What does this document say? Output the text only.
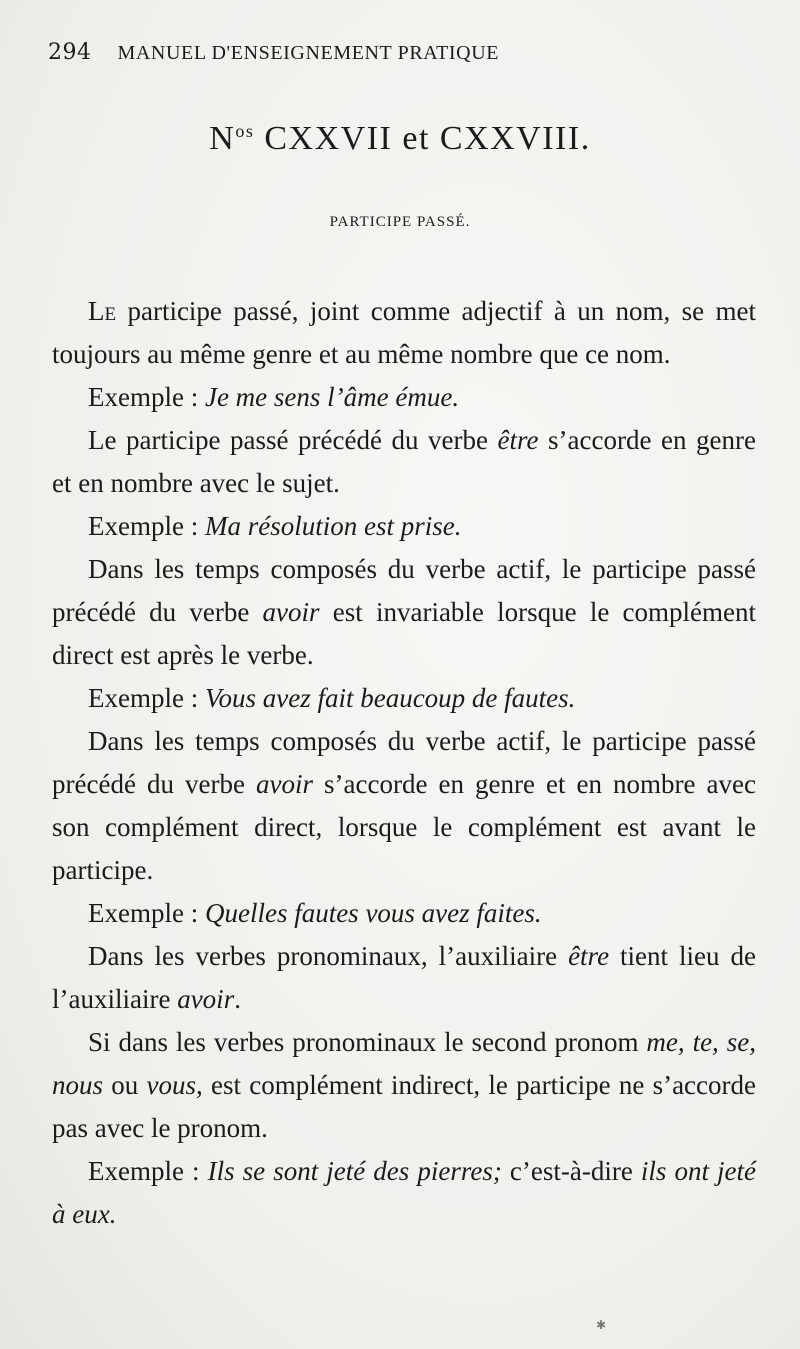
294 MANUEL D'ENSEIGNEMENT PRATIQUE
$N^{os}$ CXXVII et CXXVIII.
PARTICIPE PASSÉ.

Le participe passé, joint comme adjectif à un nom, se met toujours au même genre et au même nombre que ce nom.

Exemple : Je me sens l’âme émue.

Le participe passé précédé du verbe être s’accorde en genre et en nombre avec le sujet.

Exemple : Ma résolution est prise.

Dans les temps composés du verbe actif, le participe passé précédé du verbe avoir est invariable lorsque le complément direct est après le verbe.

Exemple : Vous avez fait beaucoup de fautes.

Dans les temps composés du verbe actif, le participe passé précédé du verbe avoir s’accorde en genre et en nombre avec son complément direct, lorsque le complément est avant le participe.

Exemple : Quelles fautes vous avez faites.

Dans les verbes pronominaux, l’auxiliaire être tient lieu de l’auxiliaire avoir.

Si dans les verbes pronominaux le second pronom me, te, se, nous ou vous, est complément indirect, le participe ne s’accorde pas avec le pronom.

Exemple : Ils se sont jeté des pierres; c’est-à-dire ils ont jeté à eux.

✱
